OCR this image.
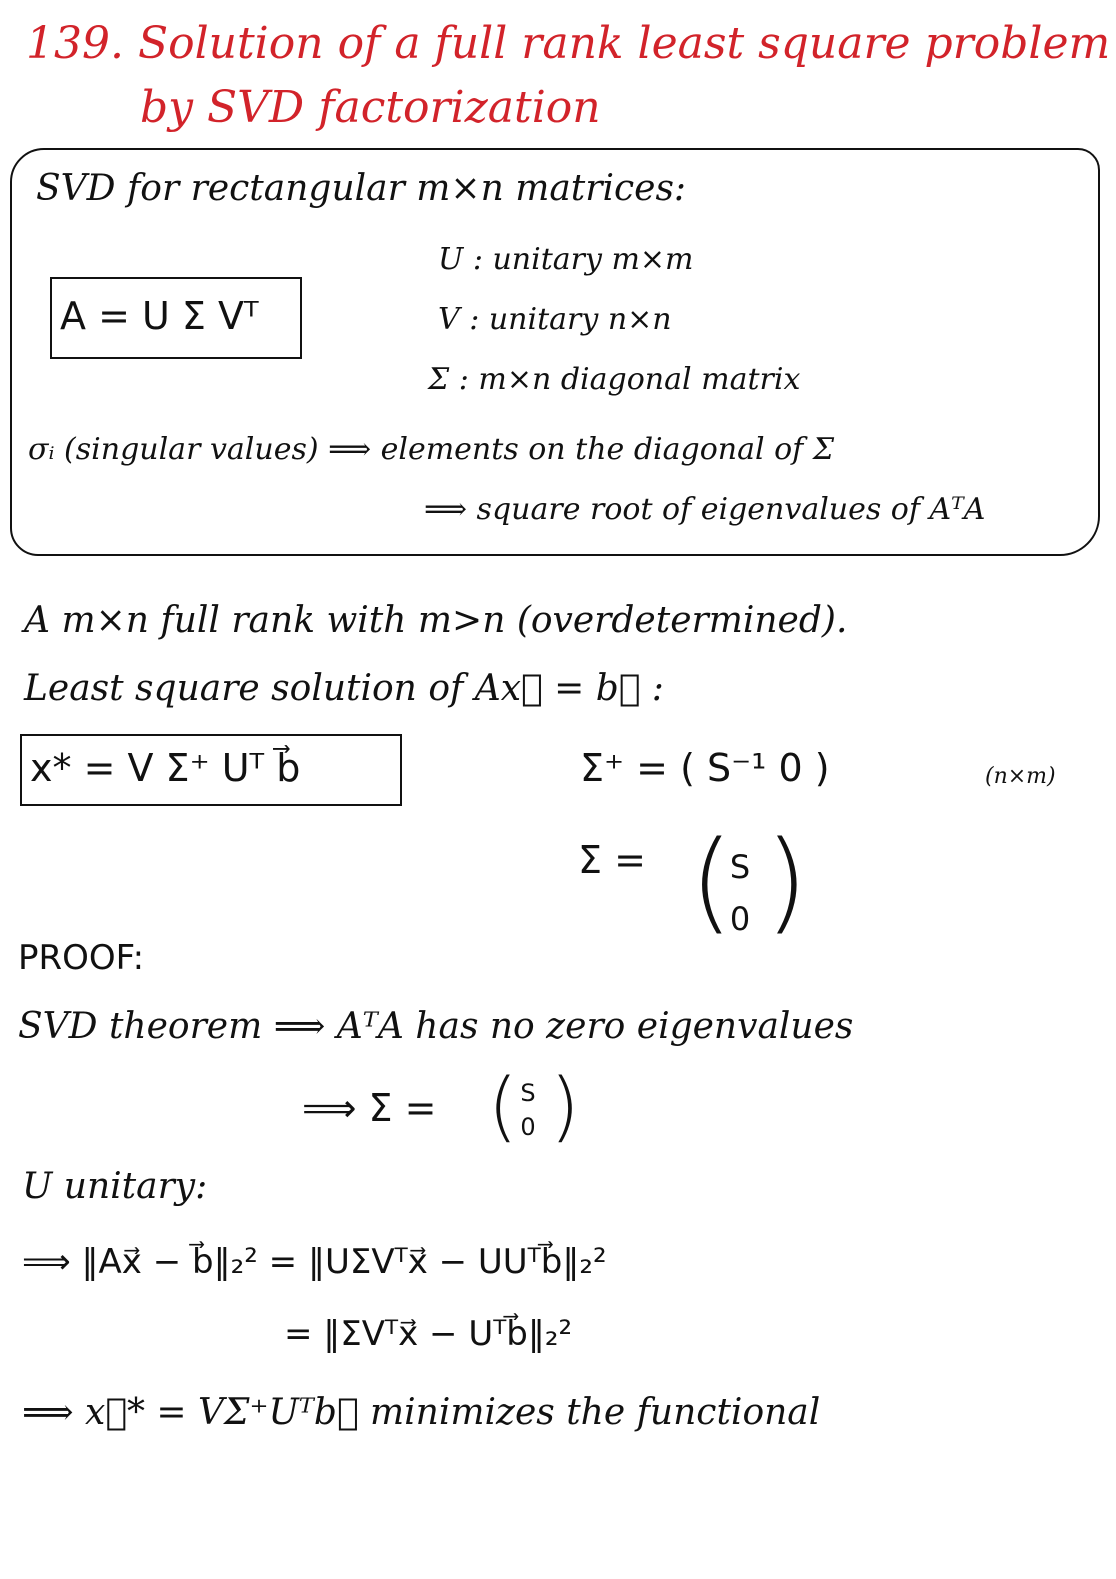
139. Solution of a full rank least square problem
by SVD factorization
SVD for rectangular m×n matrices:
A = U Σ Vᵀ
U : unitary m×m
V : unitary n×n
Σ : m×n diagonal matrix
σᵢ (singular values) ⟹ elements on the diagonal of Σ
⟹ square root of eigenvalues of AᵀA
A m×n full rank with m>n (overdetermined).
Least square solution of Ax⃗ = b⃗ :
x* = V Σ⁺ Uᵀ b⃗	Σ⁺ = ( S⁻¹ 0 )	(n×m)
Σ = (
S
0 )
PROOF:
SVD theorem ⟹ AᵀA has no zero eigenvalues
⟹ Σ = ( S
0 )
U unitary:
⟹ ‖Ax⃗ − b⃗‖₂² = ‖UΣVᵀx⃗ − UUᵀb⃗‖₂²
= ‖ΣVᵀx⃗ − Uᵀb⃗‖₂²
⟹ x⃗* = VΣ⁺Uᵀb⃗ minimizes the functional
